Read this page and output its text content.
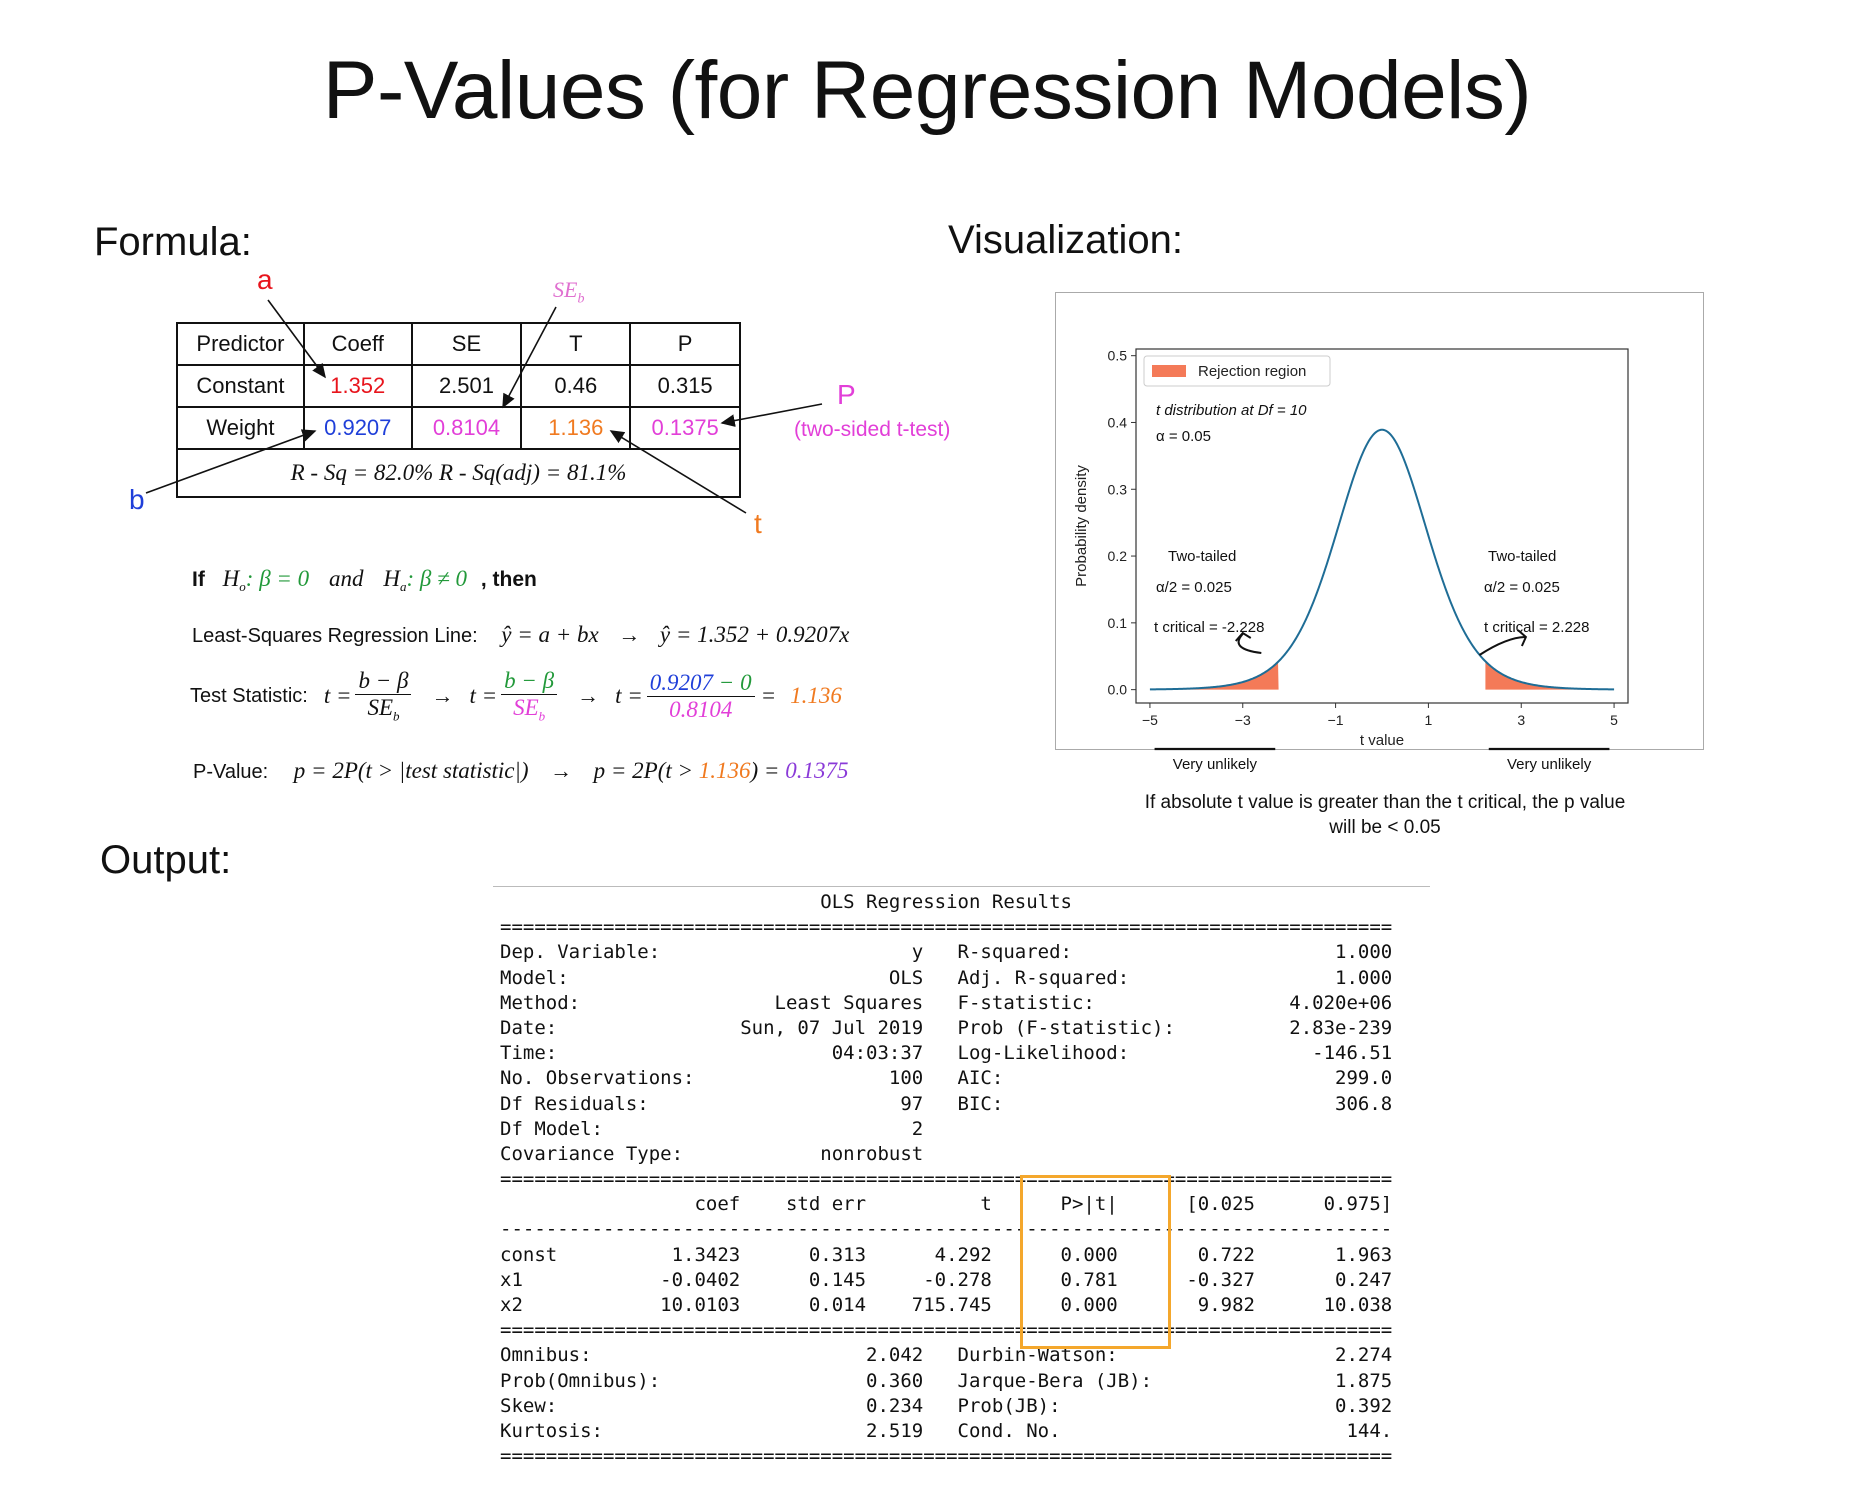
P-Values (for Regression Models)
Formula:
a
b
$SE_b$
t
P
(two-sided t-test)
Predictor	Coeff	SE	T	P
Constant	1.352	2.501	0.46	0.315
Weight	0.9207	0.8104	1.136	0.1375
R - Sq = 82.0% R - Sq(adj) = 81.1%				
If $H_o$: β = 0 and $H_a$: β ≠ 0 , then
Least-Squares Regression Line: ŷ = a + bx → ŷ = 1.352 + 0.9207x
Test Statistic: $t = \frac{b - \beta}{SE_b} \to t = \frac{b - \beta}{SE_b} \to t = \frac{0.9207 - 0}{0.8104} = 1.136$
P-Value: p = 2P(t > |test statistic|) → p = 2P(t > 1.136) = 0.1375
Visualization:
−5	−3	−1	1	3	5
0.0
0.1
0.2
0.3
0.4
0.5
t value
Probability density
Rejection region
t distribution at Df = 10
α = 0.05
Two-tailed
α/2 = 0.025
t critical = -2.228
Two-tailed
α/2 = 0.025
t critical = 2.228
Very unlikely	Very unlikely
If absolute t value is greater than the t critical, the p value
will be < 0.05
Output:
OLS Regression Results
==============================================================================
Dep. Variable:                      y   R-squared:                       1.000
Model:                            OLS   Adj. R-squared:                  1.000
Method:                 Least Squares   F-statistic:                 4.020e+06
Date:                Sun, 07 Jul 2019   Prob (F-statistic):          2.83e-239
Time:                        04:03:37   Log-Likelihood:                -146.51
No. Observations:                 100   AIC:                             299.0
Df Residuals:                      97   BIC:                             306.8
Df Model:                           2
Covariance Type:            nonrobust
==============================================================================
coef    std err          t      P>|t|      [0.025      0.975]
------------------------------------------------------------------------------
const          1.3423      0.313      4.292      0.000       0.722       1.963
x1            -0.0402      0.145     -0.278      0.781      -0.327       0.247
x2            10.0103      0.014    715.745      0.000       9.982      10.038
==============================================================================
Omnibus:                        2.042   Durbin-Watson:                   2.274
Prob(Omnibus):                  0.360   Jarque-Bera (JB):                1.875
Skew:                           0.234   Prob(JB):                        0.392
Kurtosis:                       2.519   Cond. No.                         144.
==============================================================================
